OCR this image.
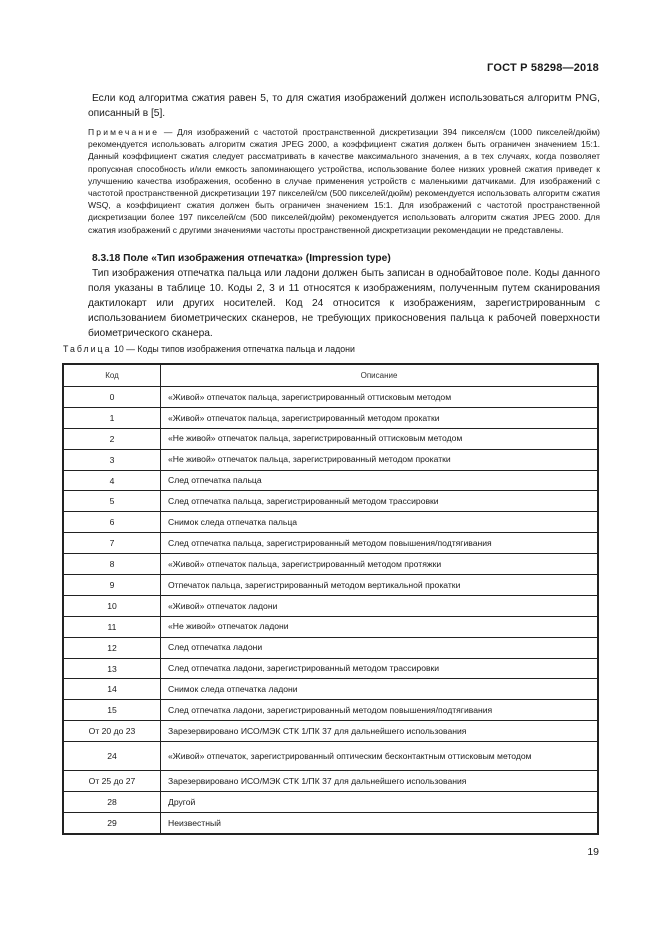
ГОСТ Р 58298—2018
Если код алгоритма сжатия равен 5, то для сжатия изображений должен использоваться алгоритм PNG, описанный в [5].
Примечание — Для изображений с частотой пространственной дискретизации 394 пикселя/см (1000 пикселей/дюйм) рекомендуется использовать алгоритм сжатия JPEG 2000, а коэффициент сжатия должен быть ограничен значением 15:1. Данный коэффициент сжатия следует рассматривать в качестве максимального значения, а в тех случаях, когда позволяет пропускная способность и/или емкость запоминающего устройства, использование более низких уровней сжатия приведет к улучшению качества изображения, особенно в случае применения устройств с маленькими датчиками. Для изображений с частотой пространственной дискретизации 197 пикселей/см (500 пикселей/дюйм) рекомендуется использовать алгоритм сжатия WSQ, а коэффициент сжатия должен быть ограничен значением 15:1. Для изображений с частотой пространственной дискретизации более 197 пикселей/см (500 пикселей/дюйм) рекомендуется использовать алгоритм сжатия JPEG 2000. Для сжатия изображений с другими значениями частоты пространственной дискретизации рекомендации не представлены.
8.3.18 Поле «Тип изображения отпечатка» (Impression type)
Тип изображения отпечатка пальца или ладони должен быть записан в однобайтовое поле. Коды данного поля указаны в таблице 10. Коды 2, 3 и 11 относятся к изображениям, полученным путем сканирования дактилокарт или других носителей. Код 24 относится к изображениям, зарегистрированным с использованием биометрических сканеров, не требующих прикосновения пальца к рабочей поверхности биометрического сканера.
Таблица 10 — Коды типов изображения отпечатка пальца и ладони
Код	Описание
0	«Живой» отпечаток пальца, зарегистрированный оттисковым методом
1	«Живой» отпечаток пальца, зарегистрированный методом прокатки
2	«Не живой» отпечаток пальца, зарегистрированный оттисковым методом
3	«Не живой» отпечаток пальца, зарегистрированный методом прокатки
4	След отпечатка пальца
5	След отпечатка пальца, зарегистрированный методом трассировки
6	Снимок следа отпечатка пальца
7	След отпечатка пальца, зарегистрированный методом повышения/подтягивания
8	«Живой» отпечаток пальца, зарегистрированный методом протяжки
9	Отпечаток пальца, зарегистрированный методом вертикальной прокатки
10	«Живой» отпечаток ладони
11	«Не живой» отпечаток ладони
12	След отпечатка ладони
13	След отпечатка ладони, зарегистрированный методом трассировки
14	Снимок следа отпечатка ладони
15	След отпечатка ладони, зарегистрированный методом повышения/подтягивания
От 20 до 23	Зарезервировано ИСО/МЭК СТК 1/ПК 37 для дальнейшего использования
24	«Живой» отпечаток, зарегистрированный оптическим бесконтактным оттисковым методом
От 25 до 27	Зарезервировано ИСО/МЭК СТК 1/ПК 37 для дальнейшего использования
28	Другой
29	Неизвестный
19
